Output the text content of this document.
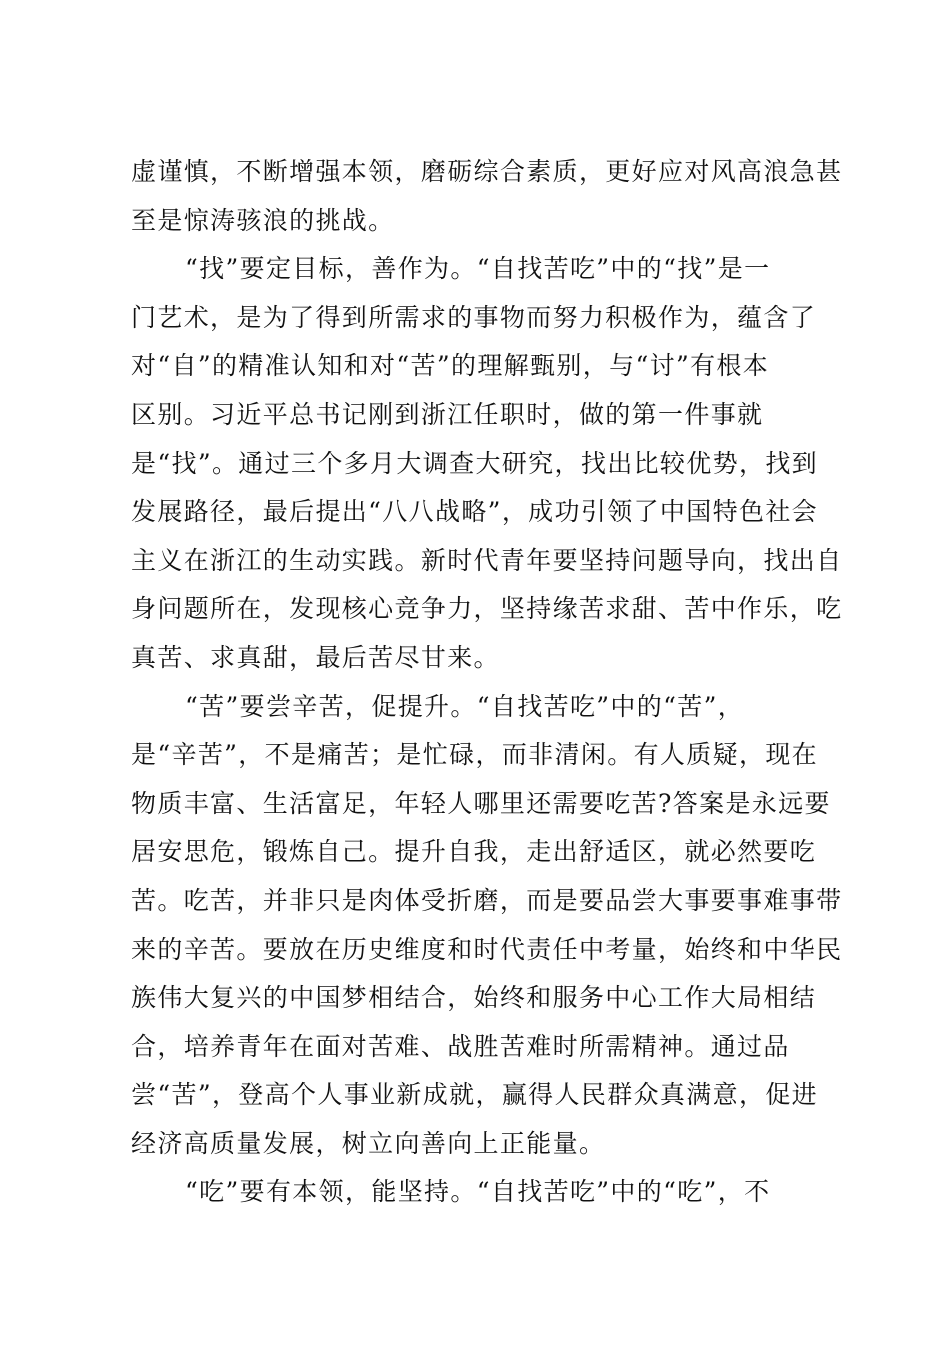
虚谨慎，不断增强本领，磨砺综合素质，更好应对风高浪急甚
至是惊涛骇浪的挑战。
“找”要定目标，善作为。“自找苦吃”中的“找”是一
门艺术，是为了得到所需求的事物而努力积极作为，蕴含了
对“自”的精准认知和对“苦”的理解甄别，与“讨”有根本
区别。习近平总书记刚到浙江任职时，做的第一件事就
是“找”。通过三个多月大调查大研究，找出比较优势，找到
发展路径，最后提出“八八战略”，成功引领了中国特色社会
主义在浙江的生动实践。新时代青年要坚持问题导向，找出自
身问题所在，发现核心竞争力，坚持缘苦求甜、苦中作乐，吃
真苦、求真甜，最后苦尽甘来。
“苦”要尝辛苦，促提升。“自找苦吃”中的“苦”，
是“辛苦”，不是痛苦；是忙碌，而非清闲。有人质疑，现在
物质丰富、生活富足，年轻人哪里还需要吃苦?答案是永远要
居安思危，锻炼自己。提升自我，走出舒适区，就必然要吃
苦。吃苦，并非只是肉体受折磨，而是要品尝大事要事难事带
来的辛苦。要放在历史维度和时代责任中考量，始终和中华民
族伟大复兴的中国梦相结合，始终和服务中心工作大局相结
合，培养青年在面对苦难、战胜苦难时所需精神。通过品
尝“苦”，登高个人事业新成就，赢得人民群众真满意，促进
经济高质量发展，树立向善向上正能量。
“吃”要有本领，能坚持。“自找苦吃”中的“吃”，不
